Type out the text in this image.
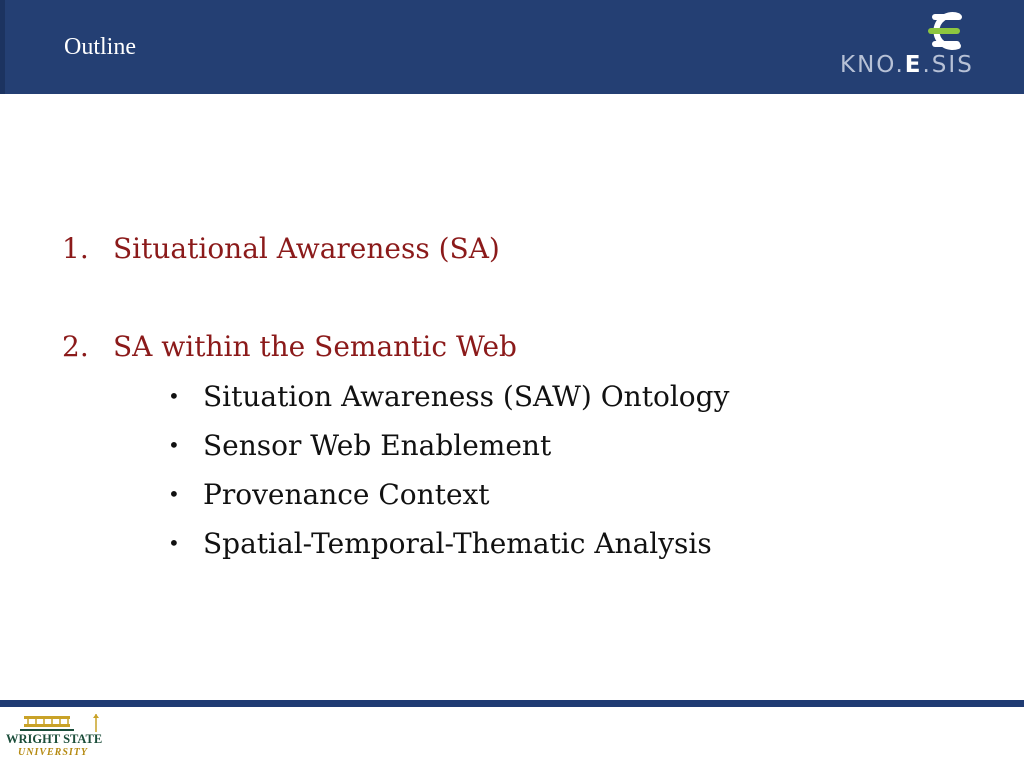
Outline
KNO.E.SIS
1. Situational Awareness (SA)
2. SA within the Semantic Web
• Situation Awareness (SAW) Ontology
• Sensor Web Enablement
• Provenance Context
• Spatial-Temporal-Thematic Analysis
WRIGHT STATE
UNIVERSITY
